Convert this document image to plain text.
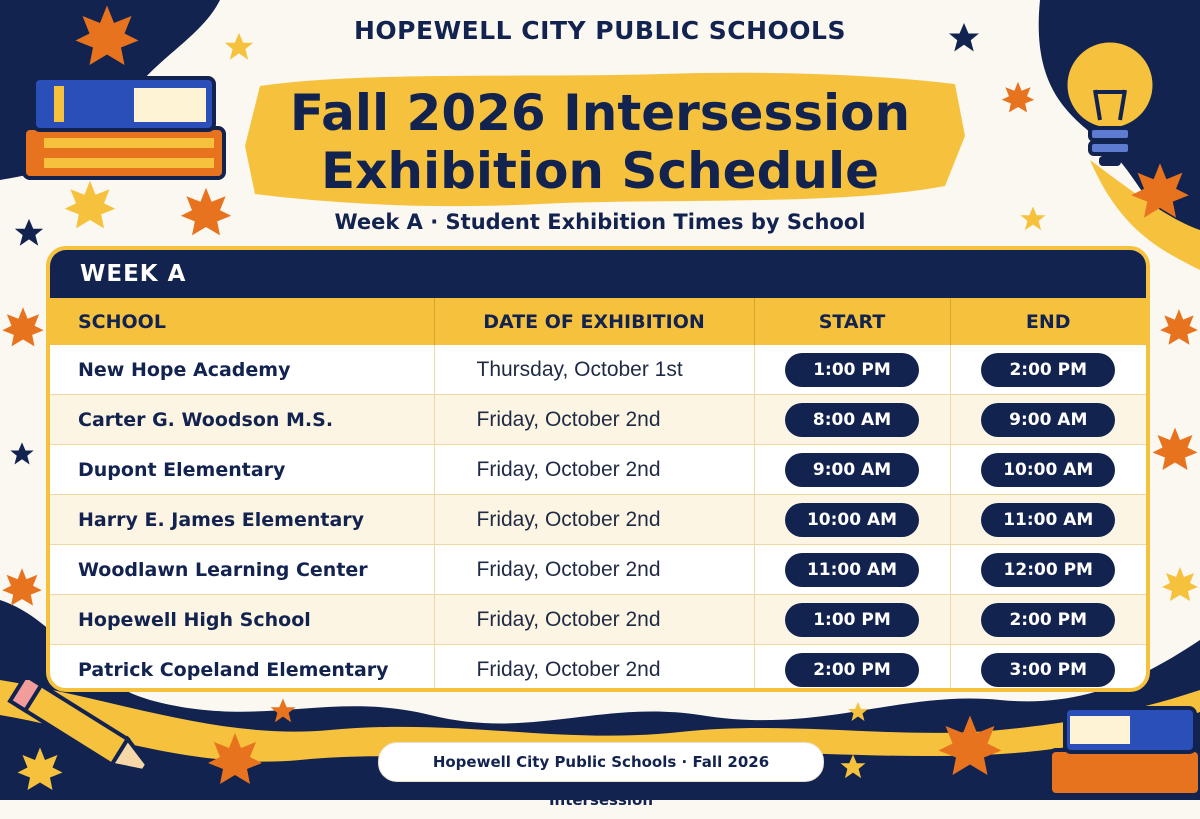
HOPEWELL CITY PUBLIC SCHOOLS
Fall 2026 Intersession
Exhibition Schedule
Week A · Student Exhibition Times by School
WEEK A
SCHOOL	DATE OF EXHIBITION	START	END
New Hope Academy	Thursday, October 1st	1:00 PM	2:00 PM
Carter G. Woodson M.S.	Friday, October 2nd	8:00 AM	9:00 AM
Dupont Elementary	Friday, October 2nd	9:00 AM	10:00 AM
Harry E. James Elementary	Friday, October 2nd	10:00 AM	11:00 AM
Woodlawn Learning Center	Friday, October 2nd	11:00 AM	12:00 PM
Hopewell High School	Friday, October 2nd	1:00 PM	2:00 PM
Patrick Copeland Elementary	Friday, October 2nd	2:00 PM	3:00 PM
Hopewell City Public Schools · Fall 2026 Intersession
